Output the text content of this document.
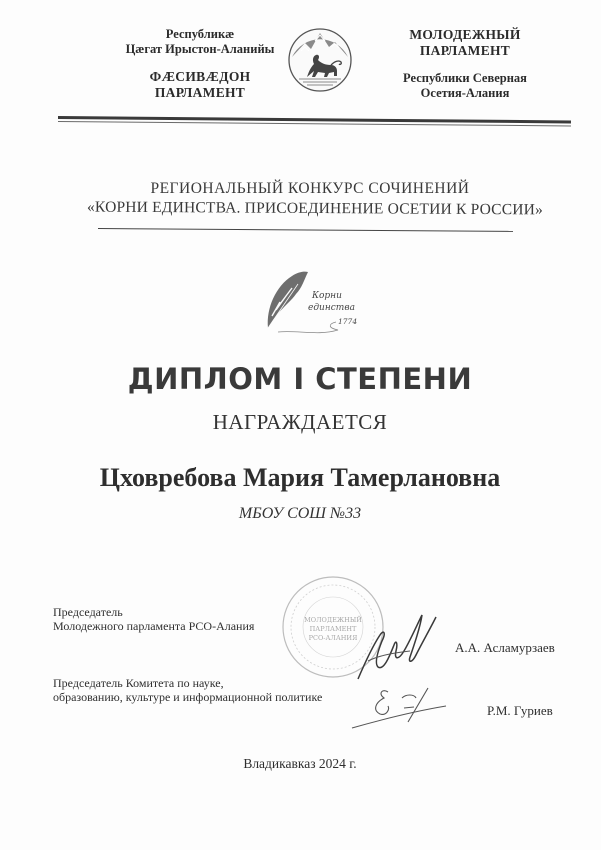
Республикæ
Цæгат Ирыстон-Аланийы
ФÆСИВÆДОН
ПАРЛАМЕНТ
МОЛОДЕЖНЫЙ
ПАРЛАМЕНТ
Республики Северная
Осетия-Алания
РЕГИОНАЛЬНЫЙ КОНКУРС СОЧИНЕНИЙ
«КОРНИ ЕДИНСТВА. ПРИСОЕДИНЕНИЕ ОСЕТИИ К РОССИИ»
Корни
единства
1774
ДИПЛОМ I СТЕПЕНИ
НАГРАЖДАЕТСЯ
Цховребова Мария Тамерлановна
МБОУ СОШ №33
МОЛОДЕЖНЫЙ
ПАРЛАМЕНТ
РСО-АЛАНИЯ
Председатель
Молодежного парламента РСО-Алания
А.А. Асламурзаев
Председатель Комитета по науке,
образованию, культуре и информационной политике
Р.М. Гуриев
Владикавказ 2024 г.
